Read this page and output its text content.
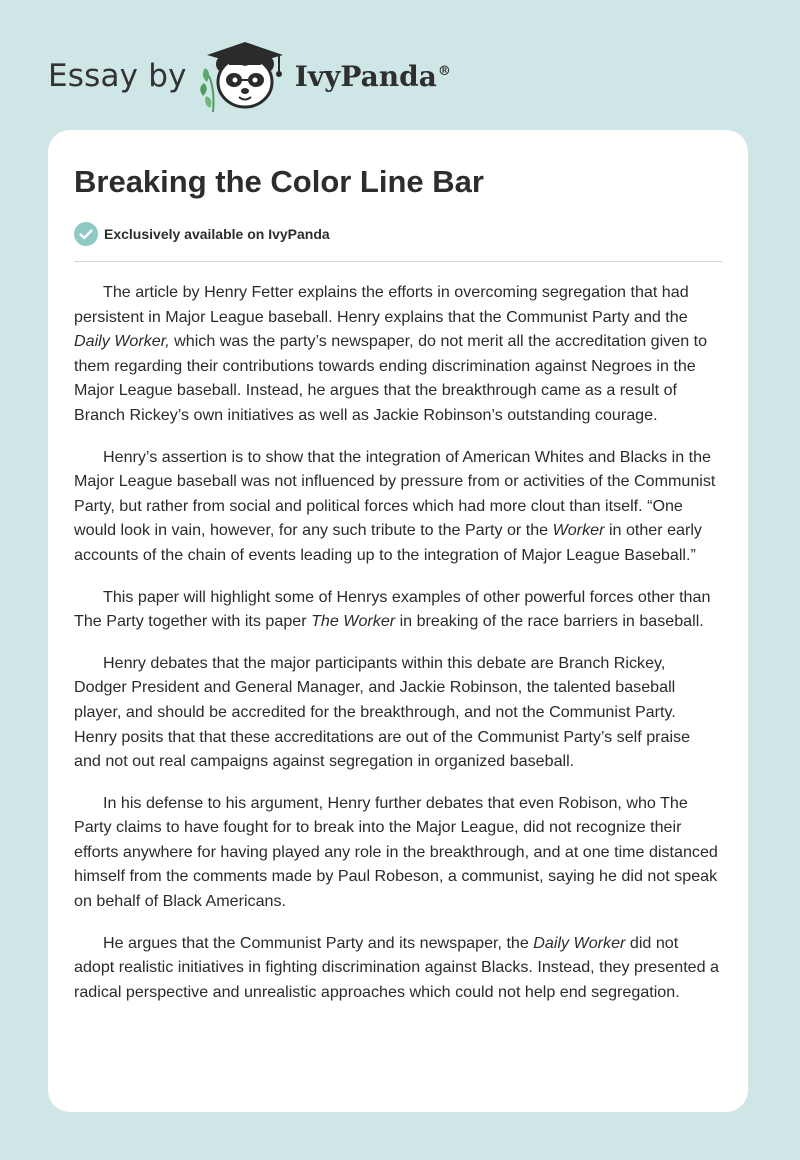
Essay by	IvyPanda®
Breaking the Color Line Bar
Exclusively available on IvyPanda

The article by Henry Fetter explains the efforts in overcoming segregation that had persistent in Major League baseball. Henry explains that the Communist Party and the Daily Worker, which was the party’s newspaper, do not merit all the accreditation given to them regarding their contributions towards ending discrimination against Negroes in the Major League baseball. Instead, he argues that the breakthrough came as a result of Branch Rickey’s own initiatives as well as Jackie Robinson’s outstanding courage.

Henry’s assertion is to show that the integration of American Whites and Blacks in the Major League baseball was not influenced by pressure from or activities of the Communist Party, but rather from social and political forces which had more clout than itself. “One would look in vain, however, for any such tribute to the Party or the Worker in other early accounts of the chain of events leading up to the integration of Major League Baseball.”

This paper will highlight some of Henrys examples of other powerful forces other than The Party together with its paper The Worker in breaking of the race barriers in baseball.

Henry debates that the major participants within this debate are Branch Rickey, Dodger President and General Manager, and Jackie Robinson, the talented baseball player, and should be accredited for the breakthrough, and not the Communist Party. Henry posits that that these accreditations are out of the Communist Party’s self praise and not out real campaigns against segregation in organized baseball.

In his defense to his argument, Henry further debates that even Robison, who The Party claims to have fought for to break into the Major League, did not recognize their efforts anywhere for having played any role in the breakthrough, and at one time distanced himself from the comments made by Paul Robeson, a communist, saying he did not speak on behalf of Black Americans.

He argues that the Communist Party and its newspaper, the Daily Worker did not adopt realistic initiatives in fighting discrimination against Blacks. Instead, they presented a radical perspective and unrealistic approaches which could not help end segregation.
